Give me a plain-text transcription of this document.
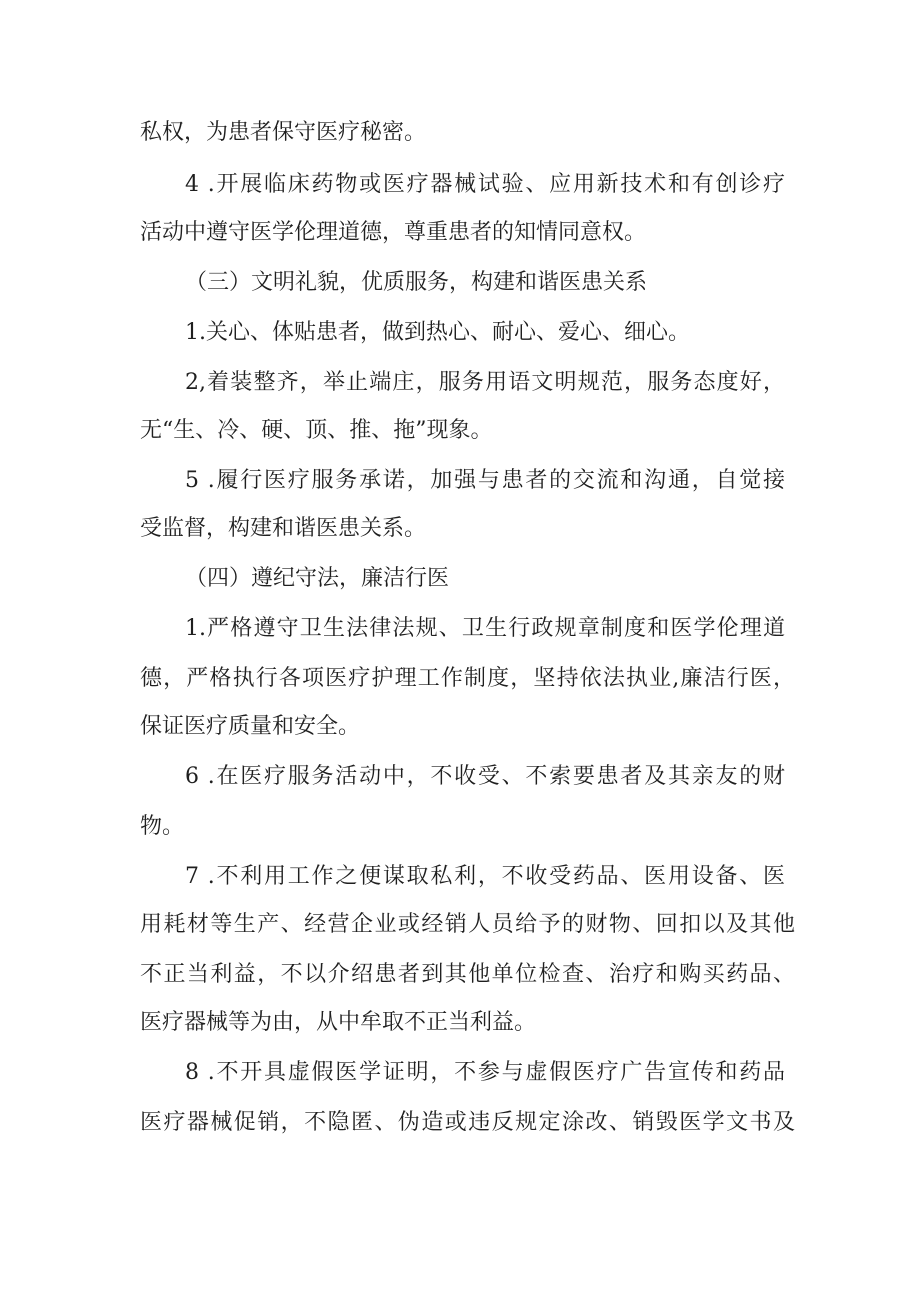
私权，为患者保守医疗秘密。
4 .开展临床药物或医疗器械试验、应用新技术和有创诊疗
活动中遵守医学伦理道德，尊重患者的知情同意权。
（三）文明礼貌，优质服务，构建和谐医患关系
1.关心、体贴患者，做到热心、耐心、爱心、细心。
2,着装整齐，举止端庄，服务用语文明规范，服务态度好，
无“生、冷、硬、顶、推、拖”现象。
5 .履行医疗服务承诺，加强与患者的交流和沟通，自觉接
受监督，构建和谐医患关系。
（四）遵纪守法，廉洁行医
1.严格遵守卫生法律法规、卫生行政规章制度和医学伦理道
德，严格执行各项医疗护理工作制度，坚持依法执业,廉洁行医，
保证医疗质量和安全。
6 .在医疗服务活动中，不收受、不索要患者及其亲友的财
物。
7 .不利用工作之便谋取私利，不收受药品、医用设备、医
用耗材等生产、经营企业或经销人员给予的财物、回扣以及其他
不正当利益，不以介绍患者到其他单位检查、治疗和购买药品、
医疗器械等为由，从中牟取不正当利益。
8 .不开具虚假医学证明，不参与虚假医疗广告宣传和药品
医疗器械促销，不隐匿、伪造或违反规定涂改、销毁医学文书及
